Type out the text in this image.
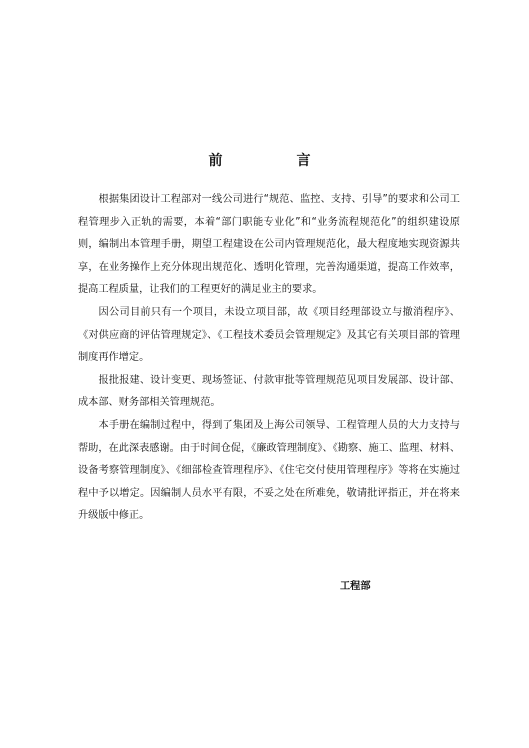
前　言

根据集团设计工程部对一线公司进行“规范、监控、支持、引导”的要求和公司工程管理步入正轨的需要，本着“部门职能专业化”和“业务流程规范化”的组织建设原则，编制出本管理手册，期望工程建设在公司内管理规范化，最大程度地实现资源共享，在业务操作上充分体现出规范化、透明化管理，完善沟通渠道，提高工作效率，提高工程质量，让我们的工程更好的满足业主的要求。

因公司目前只有一个项目，未设立项目部，故《项目经理部设立与撤消程序》、《对供应商的评估管理规定》、《工程技术委员会管理规定》及其它有关项目部的管理制度再作增定。

报批报建、设计变更、现场签证、付款审批等管理规范见项目发展部、设计部、成本部、财务部相关管理规范。

本手册在编制过程中，得到了集团及上海公司领导、工程管理人员的大力支持与帮助，在此深表感谢。由于时间仓促，《廉政管理制度》、《勘察、施工、监理、材料、设备考察管理制度》、《细部检查管理程序》、《住宅交付使用管理程序》等将在实施过程中予以增定。因编制人员水平有限，不妥之处在所难免，敬请批评指正，并在将来升级版中修正。

工程部
